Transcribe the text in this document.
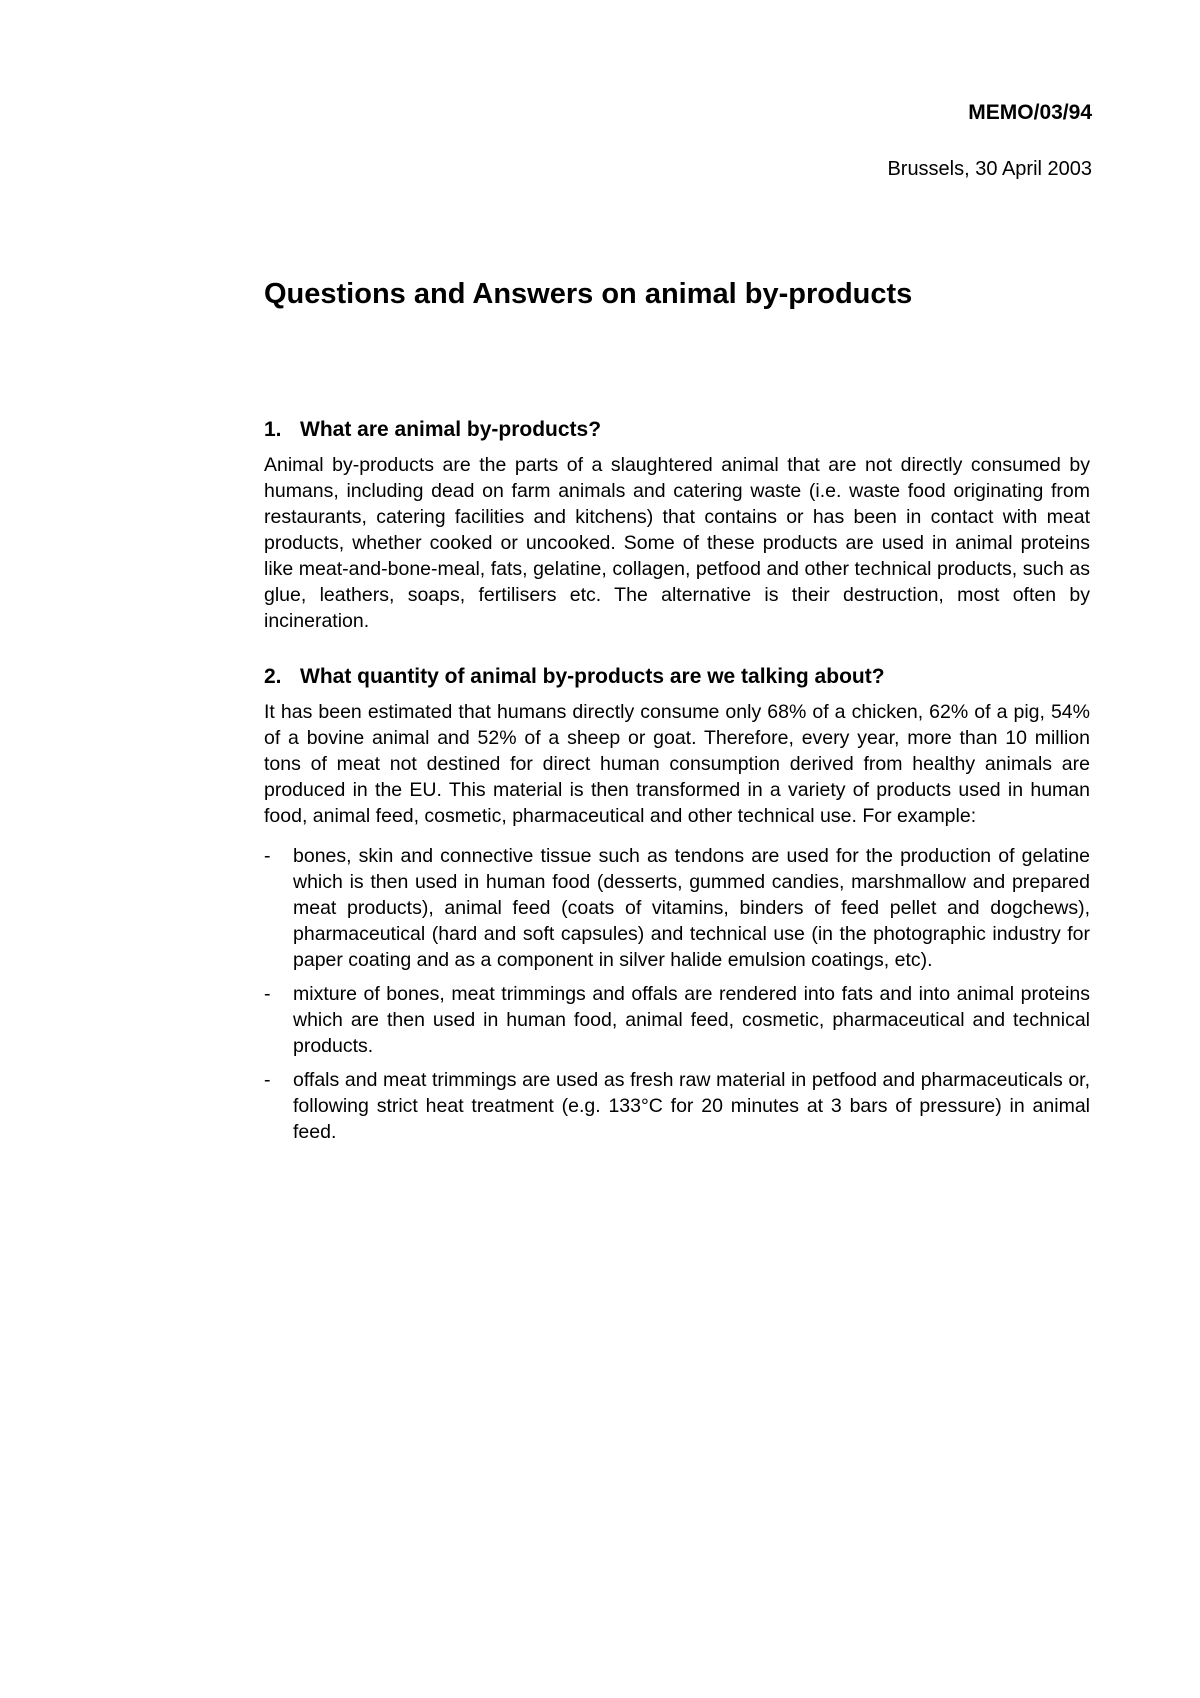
MEMO/03/94
Brussels, 30 April 2003
Questions and Answers on animal by-products
1. What are animal by-products?

Animal by-products are the parts of a slaughtered animal that are not directly consumed by humans, including dead on farm animals and catering waste (i.e. waste food originating from restaurants, catering facilities and kitchens) that contains or has been in contact with meat products, whether cooked or uncooked. Some of these products are used in animal proteins like meat-and-bone-meal, fats, gelatine, collagen, petfood and other technical products, such as glue, leathers, soaps, fertilisers etc. The alternative is their destruction, most often by incineration.

2. What quantity of animal by-products are we talking about?

It has been estimated that humans directly consume only 68% of a chicken, 62% of a pig, 54% of a bovine animal and 52% of a sheep or goat. Therefore, every year, more than 10 million tons of meat not destined for direct human consumption derived from healthy animals are produced in the EU. This material is then transformed in a variety of products used in human food, animal feed, cosmetic, pharmaceutical and other technical use. For example:

- bones, skin and connective tissue such as tendons are used for the production of gelatine which is then used in human food (desserts, gummed candies, marshmallow and prepared meat products), animal feed (coats of vitamins, binders of feed pellet and dogchews), pharmaceutical (hard and soft capsules) and technical use (in the photographic industry for paper coating and as a component in silver halide emulsion coatings, etc).
- mixture of bones, meat trimmings and offals are rendered into fats and into animal proteins which are then used in human food, animal feed, cosmetic, pharmaceutical and technical products.
- offals and meat trimmings are used as fresh raw material in petfood and pharmaceuticals or, following strict heat treatment (e.g. 133°C for 20 minutes at 3 bars of pressure) in animal feed.
